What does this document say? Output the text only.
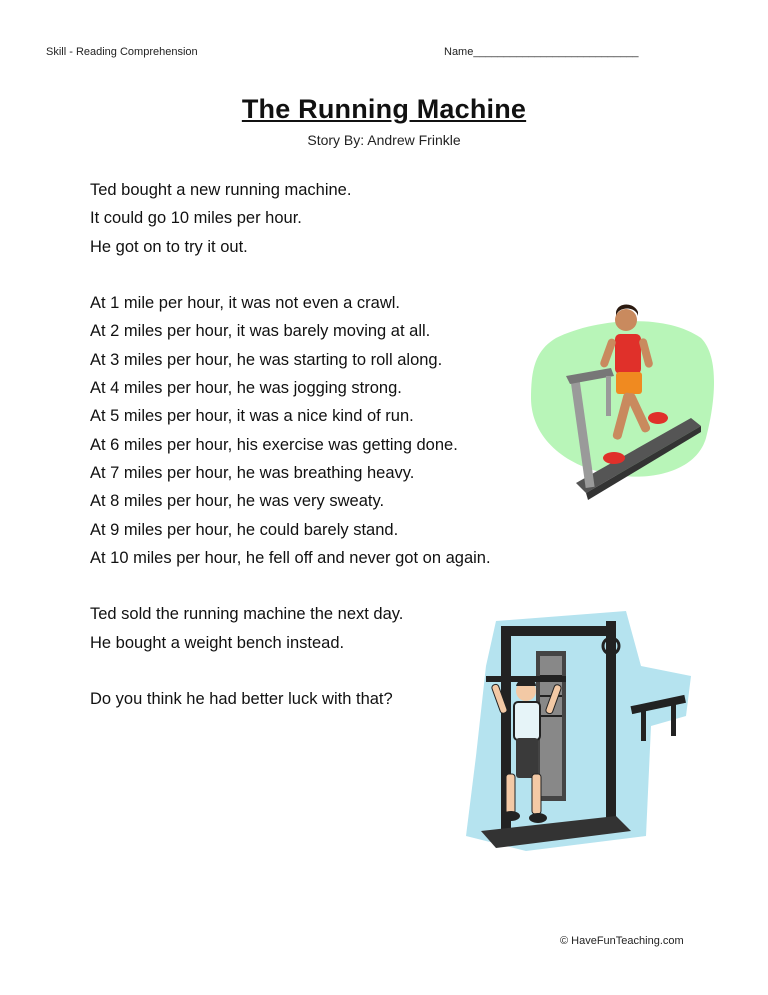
Skill - Reading Comprehension	Name___________________________
The Running Machine
Story By: Andrew Frinkle
Ted bought a new running machine.
It could go 10 miles per hour.
He got on to try it out.
At 1 mile per hour, it was not even a crawl.
At 2 miles per hour, it was barely moving at all.
At 3 miles per hour, he was starting to roll along.
At 4 miles per hour, he was jogging strong.
At 5 miles per hour, it was a nice kind of run.
At 6 miles per hour, his exercise was getting done.
At 7 miles per hour, he was breathing heavy.
At 8 miles per hour, he was very sweaty.
At 9 miles per hour, he could barely stand.
At 10 miles per hour, he fell off and never got on again.
Ted sold the running machine the next day.
He bought a weight bench instead.
Do you think he had better luck with that?
© HaveFunTeaching.com
